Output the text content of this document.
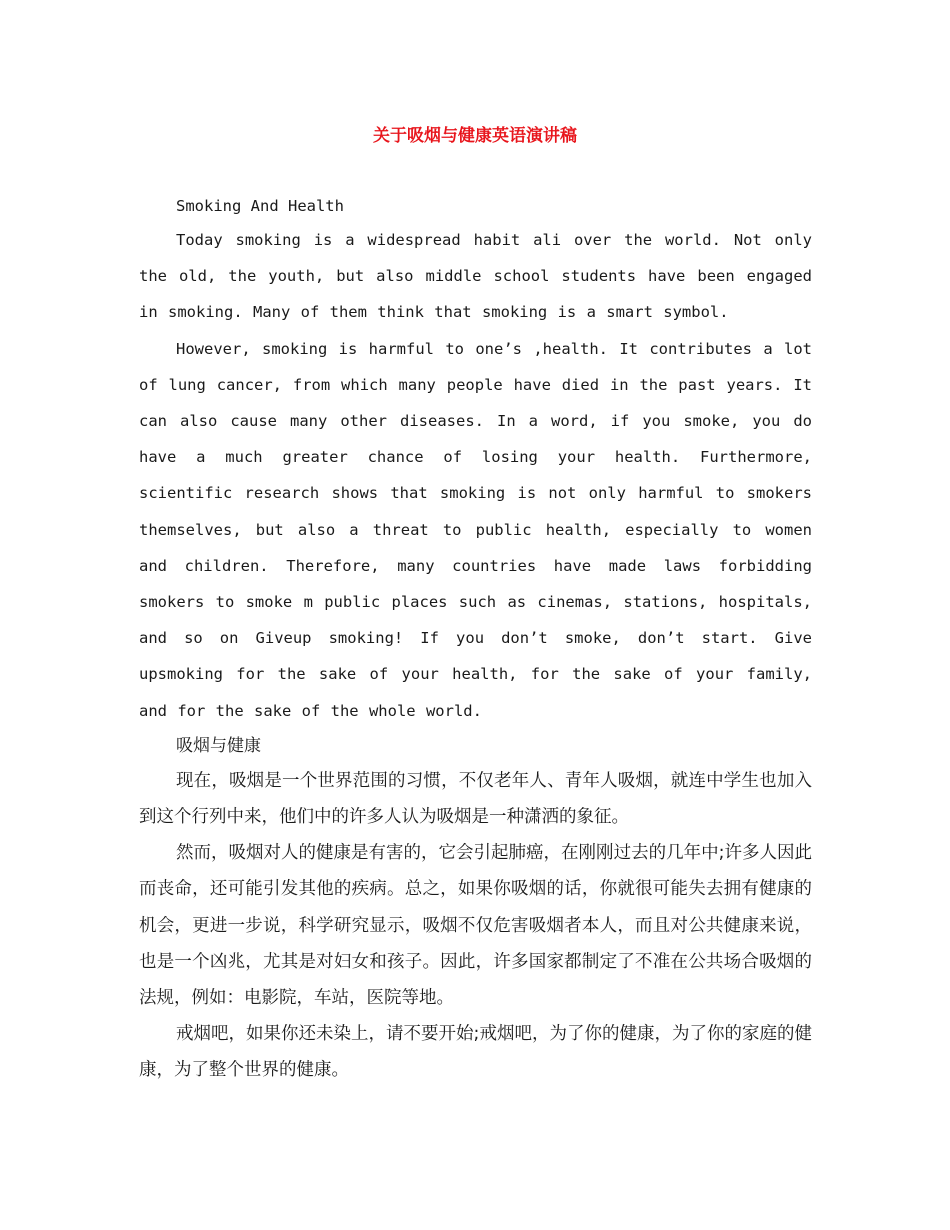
关于吸烟与健康英语演讲稿

Smoking And Health

Today smoking is a widespread habit ali over the world. Not only the old, the youth, but also middle school students have been engaged in smoking. Many of them think that smoking is a smart symbol.

However, smoking is harmful to one’s ,health. It contributes a lot of lung cancer, from which many people have died in the past years. It can also cause many other diseases. In a word, if you smoke, you do have a much greater chance of losing your health. Furthermore, scientific research shows that smoking is not only harmful to smokers themselves, but also a threat to public health, especially to women and children. Therefore, many countries have made laws forbidding smokers to smoke m public places such as cinemas, stations, hospitals, and so on Giveup smoking! If you don’t smoke, don’t start. Give upsmoking for the sake of your health, for the sake of your family, and for the sake of the whole world.

吸烟与健康

现在，吸烟是一个世界范围的习惯，不仅老年人、青年人吸烟，就连中学生也加入到这个行列中来，他们中的许多人认为吸烟是一种潇洒的象征。

然而，吸烟对人的健康是有害的，它会引起肺癌，在刚刚过去的几年中;许多人因此而丧命，还可能引发其他的疾病。总之，如果你吸烟的话，你就很可能失去拥有健康的机会，更进一步说，科学研究显示，吸烟不仅危害吸烟者本人，而且对公共健康来说，也是一个凶兆，尤其是对妇女和孩子。因此，许多国家都制定了不准在公共场合吸烟的法规，例如：电影院，车站，医院等地。

戒烟吧，如果你还未染上，请不要开始;戒烟吧，为了你的健康，为了你的家庭的健康，为了整个世界的健康。
